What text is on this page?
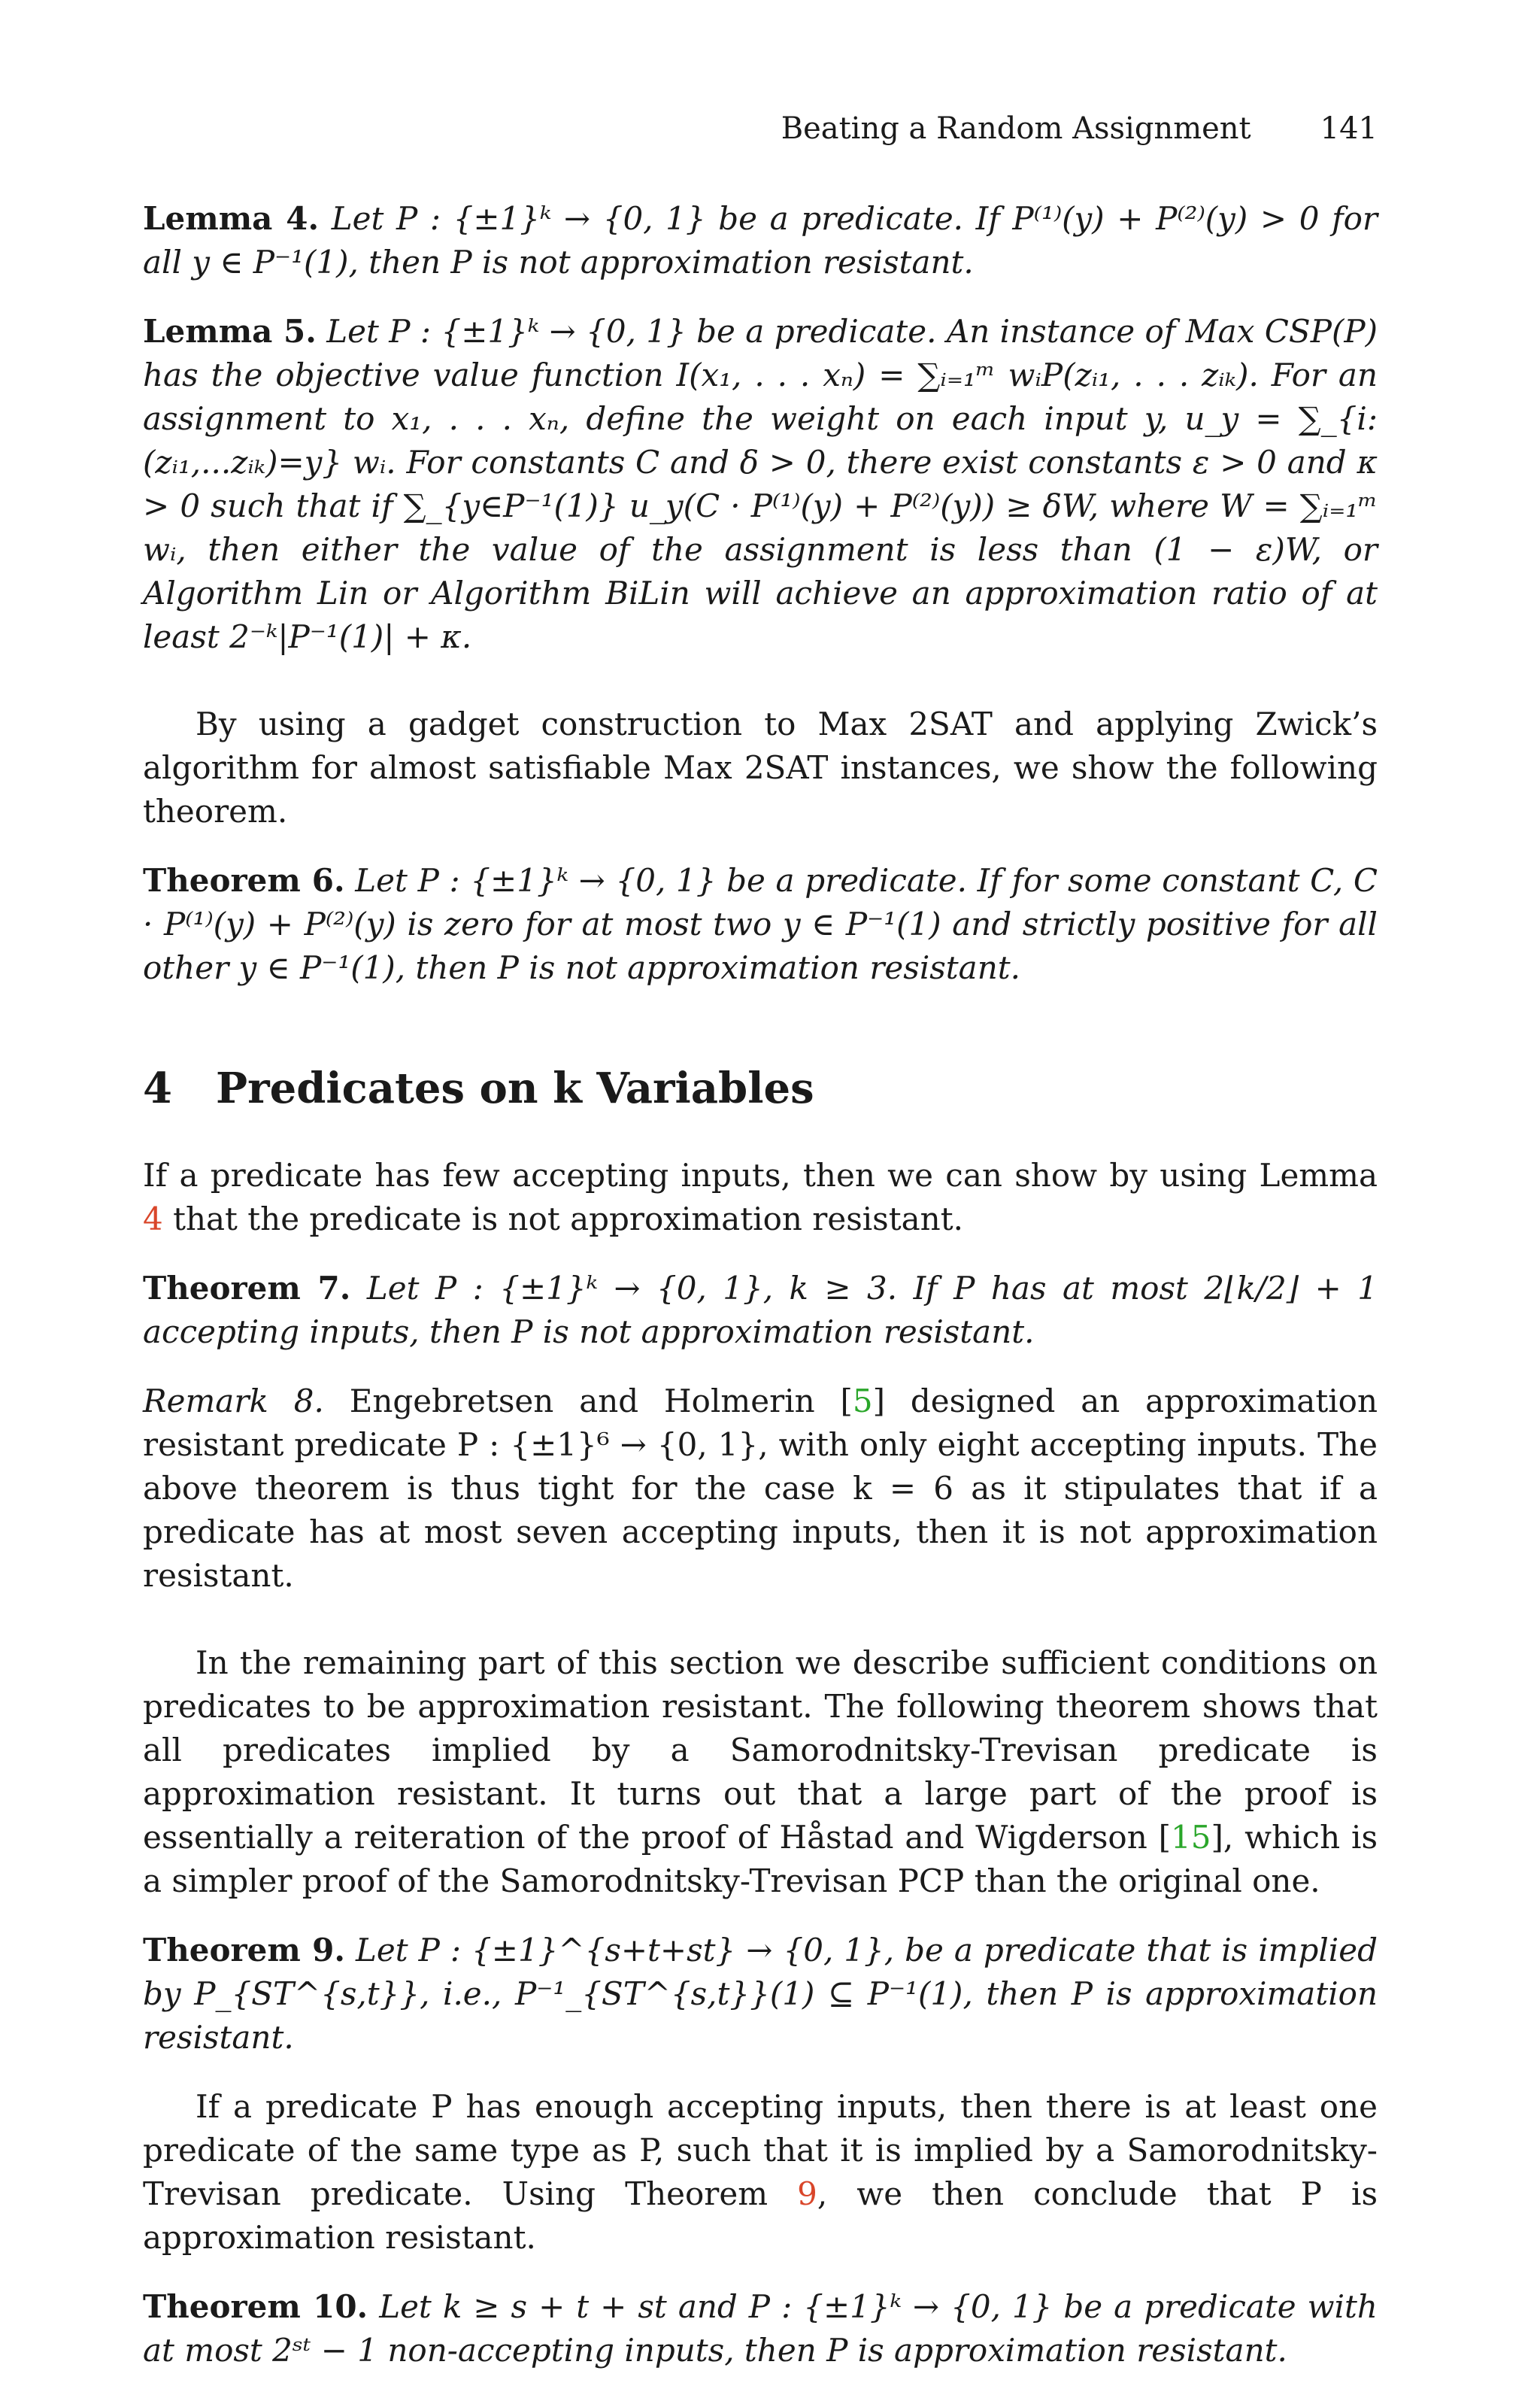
Beating a Random Assignment 141
Lemma 4. Let P : {±1}ᵏ → {0, 1} be a predicate. If P⁽¹⁾(y) + P⁽²⁾(y) > 0 for all y ∈ P⁻¹(1), then P is not approximation resistant.
Lemma 5. Let P : {±1}ᵏ → {0, 1} be a predicate. An instance of Max CSP(P) has the objective value function I(x₁, . . . xₙ) = ∑ᵢ₌₁ᵐ wᵢP(zᵢ₁, . . . zᵢₖ). For an assignment to x₁, . . . xₙ, define the weight on each input y, u_y = ∑_{i:(zᵢ₁,...zᵢₖ)=y} wᵢ. For constants C and δ > 0, there exist constants ε > 0 and κ > 0 such that if ∑_{y∈P⁻¹(1)} u_y(C · P⁽¹⁾(y) + P⁽²⁾(y)) ≥ δW, where W = ∑ᵢ₌₁ᵐ wᵢ, then either the value of the assignment is less than (1 − ε)W, or Algorithm Lin or Algorithm BiLin will achieve an approximation ratio of at least 2⁻ᵏ|P⁻¹(1)| + κ.
By using a gadget construction to Max 2SAT and applying Zwick’s algorithm for almost satisfiable Max 2SAT instances, we show the following theorem.
Theorem 6. Let P : {±1}ᵏ → {0, 1} be a predicate. If for some constant C, C · P⁽¹⁾(y) + P⁽²⁾(y) is zero for at most two y ∈ P⁻¹(1) and strictly positive for all other y ∈ P⁻¹(1), then P is not approximation resistant.
4 Predicates on k Variables
If a predicate has few accepting inputs, then we can show by using Lemma 4 that the predicate is not approximation resistant.
Theorem 7. Let P : {±1}ᵏ → {0, 1}, k ≥ 3. If P has at most 2⌊k/2⌋ + 1 accepting inputs, then P is not approximation resistant.
Remark 8. Engebretsen and Holmerin [5] designed an approximation resistant predicate P : {±1}⁶ → {0, 1}, with only eight accepting inputs. The above theorem is thus tight for the case k = 6 as it stipulates that if a predicate has at most seven accepting inputs, then it is not approximation resistant.
In the remaining part of this section we describe sufficient conditions on predicates to be approximation resistant. The following theorem shows that all predicates implied by a Samorodnitsky-Trevisan predicate is approximation resistant. It turns out that a large part of the proof is essentially a reiteration of the proof of Håstad and Wigderson [15], which is a simpler proof of the Samorodnitsky-Trevisan PCP than the original one.
Theorem 9. Let P : {±1}^{s+t+st} → {0, 1}, be a predicate that is implied by P_{ST^{s,t}}, i.e., P⁻¹_{ST^{s,t}}(1) ⊆ P⁻¹(1), then P is approximation resistant.
If a predicate P has enough accepting inputs, then there is at least one predicate of the same type as P, such that it is implied by a Samorodnitsky-Trevisan predicate. Using Theorem 9, we then conclude that P is approximation resistant.
Theorem 10. Let k ≥ s + t + st and P : {±1}ᵏ → {0, 1} be a predicate with at most 2ˢᵗ − 1 non-accepting inputs, then P is approximation resistant.
